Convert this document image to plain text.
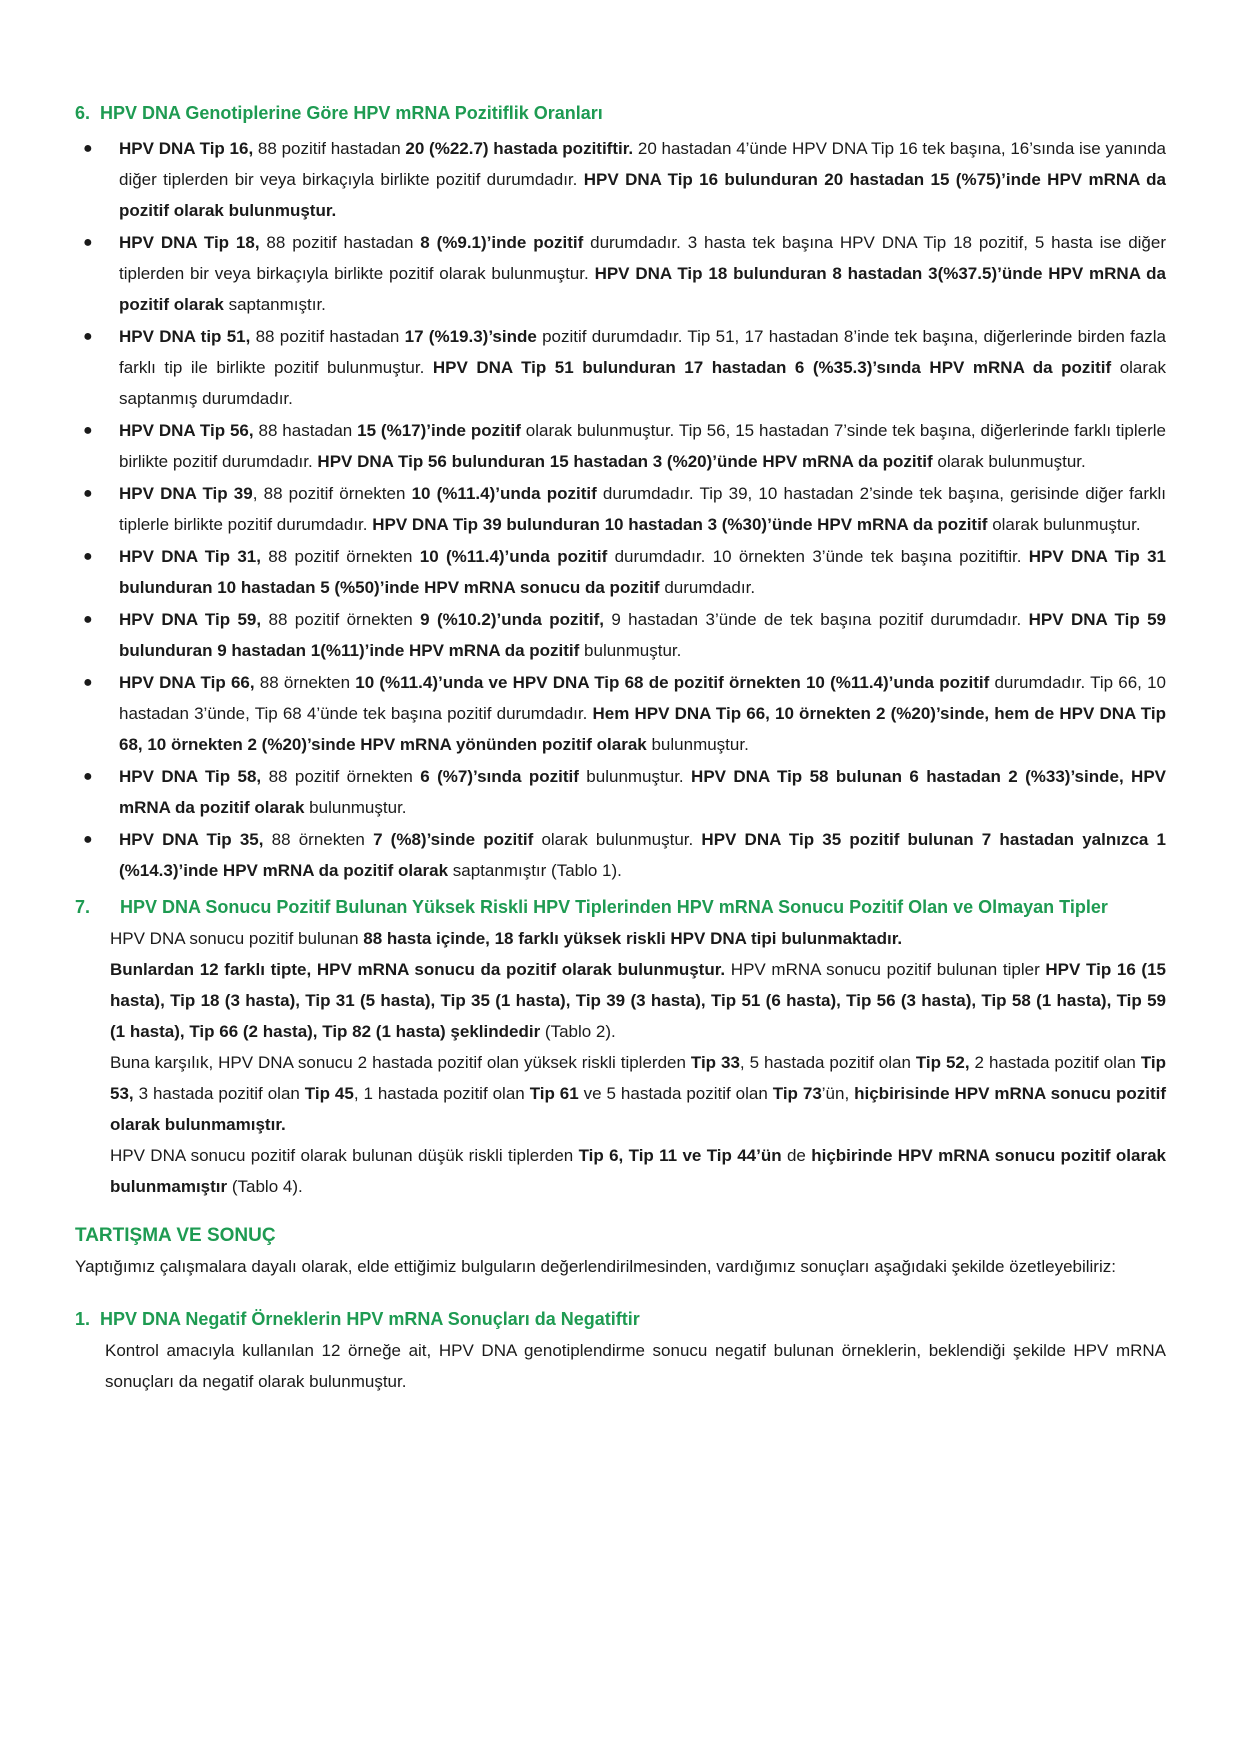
6. HPV DNA Genotiplerine Göre HPV mRNA Pozitiflik Oranları

● HPV DNA Tip 16, 88 pozitif hastadan 20 (%22.7) hastada pozitiftir. 20 hastadan 4’ünde HPV DNA Tip 16 tek başına, 16’sında ise yanında diğer tiplerden bir veya birkaçıyla birlikte pozitif durumdadır. HPV DNA Tip 16 bulunduran 20 hastadan 15 (%75)’inde HPV mRNA da pozitif olarak bulunmuştur.
● HPV DNA Tip 18, 88 pozitif hastadan 8 (%9.1)’inde pozitif durumdadır. 3 hasta tek başına HPV DNA Tip 18 pozitif, 5 hasta ise diğer tiplerden bir veya birkaçıyla birlikte pozitif olarak bulunmuştur. HPV DNA Tip 18 bulunduran 8 hastadan 3(%37.5)’ünde HPV mRNA da pozitif olarak saptanmıştır.
● HPV DNA tip 51, 88 pozitif hastadan 17 (%19.3)’sinde pozitif durumdadır. Tip 51, 17 hastadan 8’inde tek başına, diğerlerinde birden fazla farklı tip ile birlikte pozitif bulunmuştur. HPV DNA Tip 51 bulunduran 17 hastadan 6 (%35.3)’sında HPV mRNA da pozitif olarak saptanmış durumdadır.
● HPV DNA Tip 56, 88 hastadan 15 (%17)’inde pozitif olarak bulunmuştur. Tip 56, 15 hastadan 7’sinde tek başına, diğerlerinde farklı tiplerle birlikte pozitif durumdadır. HPV DNA Tip 56 bulunduran 15 hastadan 3 (%20)’ünde HPV mRNA da pozitif olarak bulunmuştur.
● HPV DNA Tip 39, 88 pozitif örnekten 10 (%11.4)’unda pozitif durumdadır. Tip 39, 10 hastadan 2’sinde tek başına, gerisinde diğer farklı tiplerle birlikte pozitif durumdadır. HPV DNA Tip 39 bulunduran 10 hastadan 3 (%30)’ünde HPV mRNA da pozitif olarak bulunmuştur.
● HPV DNA Tip 31, 88 pozitif örnekten 10 (%11.4)’unda pozitif durumdadır. 10 örnekten 3’ünde tek başına pozitiftir. HPV DNA Tip 31 bulunduran 10 hastadan 5 (%50)’inde HPV mRNA sonucu da pozitif durumdadır.
● HPV DNA Tip 59, 88 pozitif örnekten 9 (%10.2)’unda pozitif, 9 hastadan 3’ünde de tek başına pozitif durumdadır. HPV DNA Tip 59 bulunduran 9 hastadan 1(%11)’inde HPV mRNA da pozitif bulunmuştur.
● HPV DNA Tip 66, 88 örnekten 10 (%11.4)’unda ve HPV DNA Tip 68 de pozitif örnekten 10 (%11.4)’unda pozitif durumdadır. Tip 66, 10 hastadan 3’ünde, Tip 68 4’ünde tek başına pozitif durumdadır. Hem HPV DNA Tip 66, 10 örnekten 2 (%20)’sinde, hem de HPV DNA Tip 68, 10 örnekten 2 (%20)’sinde HPV mRNA yönünden pozitif olarak bulunmuştur.
● HPV DNA Tip 58, 88 pozitif örnekten 6 (%7)’sında pozitif bulunmuştur. HPV DNA Tip 58 bulunan 6 hastadan 2 (%33)’sinde, HPV mRNA da pozitif olarak bulunmuştur.
● HPV DNA Tip 35, 88 örnekten 7 (%8)’sinde pozitif olarak bulunmuştur. HPV DNA Tip 35 pozitif bulunan 7 hastadan yalnızca 1 (%14.3)’inde HPV mRNA da pozitif olarak saptanmıştır (Tablo 1).
7.	HPV DNA Sonucu Pozitif Bulunan Yüksek Riskli HPV Tiplerinden HPV mRNA Sonucu Pozitif Olan ve Olmayan Tipler

HPV DNA sonucu pozitif bulunan 88 hasta içinde, 18 farklı yüksek riskli HPV DNA tipi bulunmaktadır.

Bunlardan 12 farklı tipte, HPV mRNA sonucu da pozitif olarak bulunmuştur. HPV mRNA sonucu pozitif bulunan tipler HPV Tip 16 (15 hasta), Tip 18 (3 hasta), Tip 31 (5 hasta), Tip 35 (1 hasta), Tip 39 (3 hasta), Tip 51 (6 hasta), Tip 56 (3 hasta), Tip 58 (1 hasta), Tip 59 (1 hasta), Tip 66 (2 hasta), Tip 82 (1 hasta) şeklindedir (Tablo 2).

Buna karşılık, HPV DNA sonucu 2 hastada pozitif olan yüksek riskli tiplerden Tip 33, 5 hastada pozitif olan Tip 52, 2 hastada pozitif olan Tip 53, 3 hastada pozitif olan Tip 45, 1 hastada pozitif olan Tip 61 ve 5 hastada pozitif olan Tip 73’ün, hiçbirisinde HPV mRNA sonucu pozitif olarak bulunmamıştır.

HPV DNA sonucu pozitif olarak bulunan düşük riskli tiplerden Tip 6, Tip 11 ve Tip 44’ün de hiçbirinde HPV mRNA sonucu pozitif olarak bulunmamıştır (Tablo 4).

TARTIŞMA VE SONUÇ

Yaptığımız çalışmalara dayalı olarak, elde ettiğimiz bulguların değerlendirilmesinden, vardığımız sonuçları aşağıdaki şekilde özetleyebiliriz:

1. HPV DNA Negatif Örneklerin HPV mRNA Sonuçları da Negatiftir

Kontrol amacıyla kullanılan 12 örneğe ait, HPV DNA genotiplendirme sonucu negatif bulunan örneklerin, beklendiği şekilde HPV mRNA sonuçları da negatif olarak bulunmuştur.
